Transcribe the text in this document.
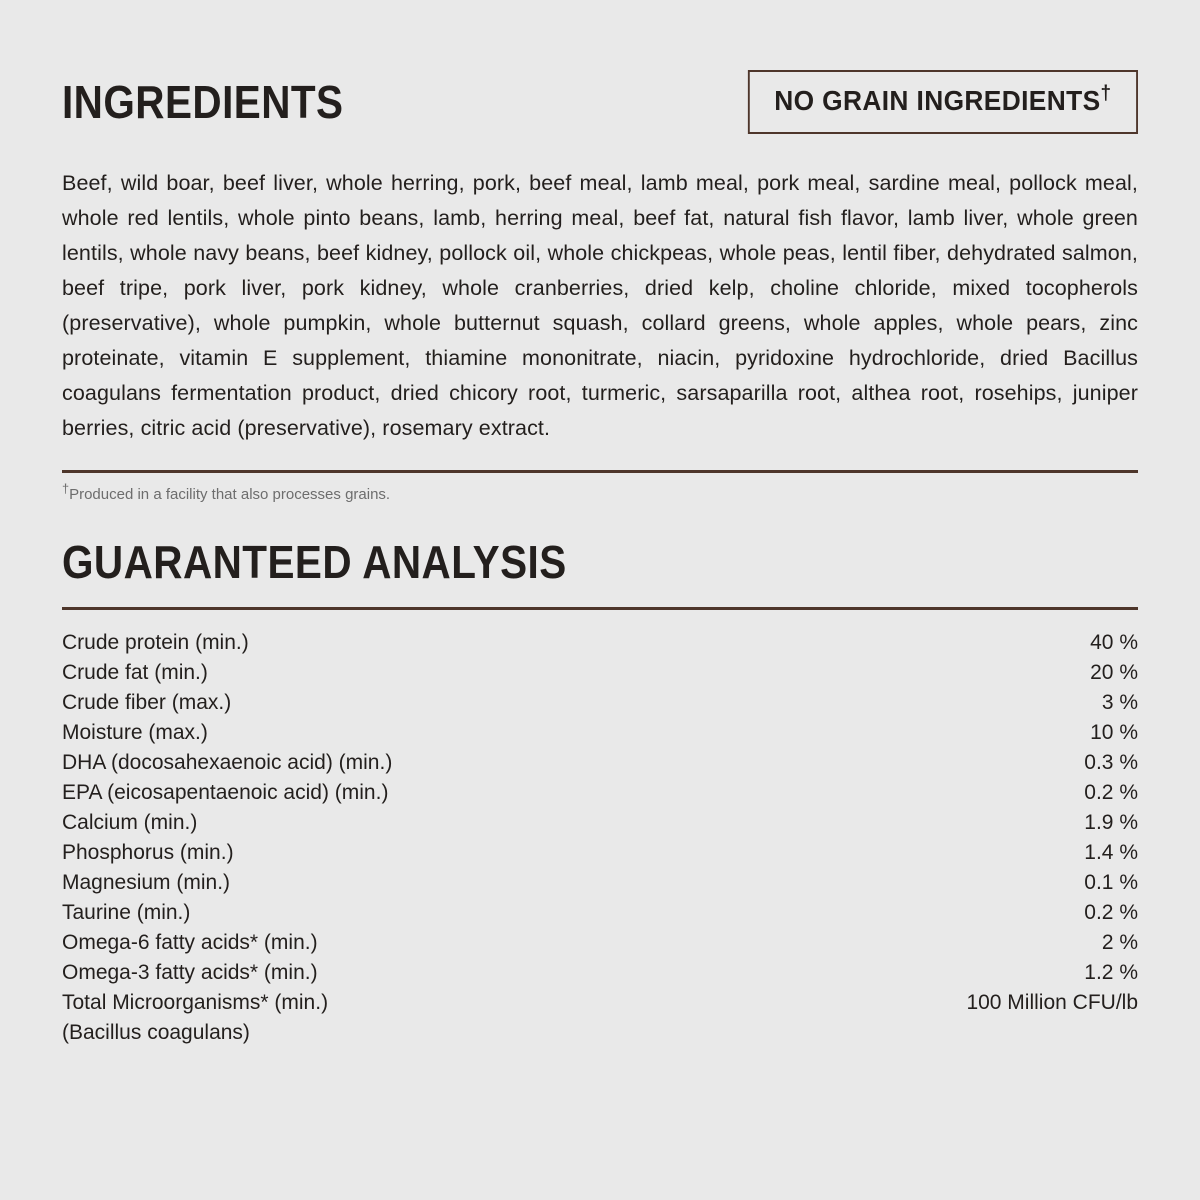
INGREDIENTS	NO GRAIN INGREDIENTS†
Beef, wild boar, beef liver, whole herring, pork, beef meal, lamb meal, pork meal, sardine meal, pollock meal, whole red lentils, whole pinto beans, lamb, herring meal, beef fat, natural fish flavor, lamb liver, whole green lentils, whole navy beans, beef kidney, pollock oil, whole chickpeas, whole peas, lentil fiber, dehydrated salmon, beef tripe, pork liver, pork kidney, whole cranberries, dried kelp, choline chloride, mixed tocopherols (preservative), whole pumpkin, whole butternut squash, collard greens, whole apples, whole pears, zinc proteinate, vitamin E supplement, thiamine mononitrate, niacin, pyridoxine hydrochloride, dried Bacillus coagulans fermentation product, dried chicory root, turmeric, sarsaparilla root, althea root, rosehips, juniper berries, citric acid (preservative), rosemary extract.
†Produced in a facility that also processes grains.
GUARANTEED ANALYSIS
Crude protein (min.)	40 %
Crude fat (min.)	20 %
Crude fiber (max.)	3 %
Moisture (max.)	10 %
DHA (docosahexaenoic acid) (min.)	0.3 %
EPA (eicosapentaenoic acid) (min.)	0.2 %
Calcium (min.)	1.9 %
Phosphorus (min.)	1.4 %
Magnesium (min.)	0.1 %
Taurine (min.)	0.2 %
Omega-6 fatty acids* (min.)	2 %
Omega-3 fatty acids* (min.)	1.2 %
Total Microorganisms* (min.)	100 Million CFU/lb
(Bacillus coagulans)
